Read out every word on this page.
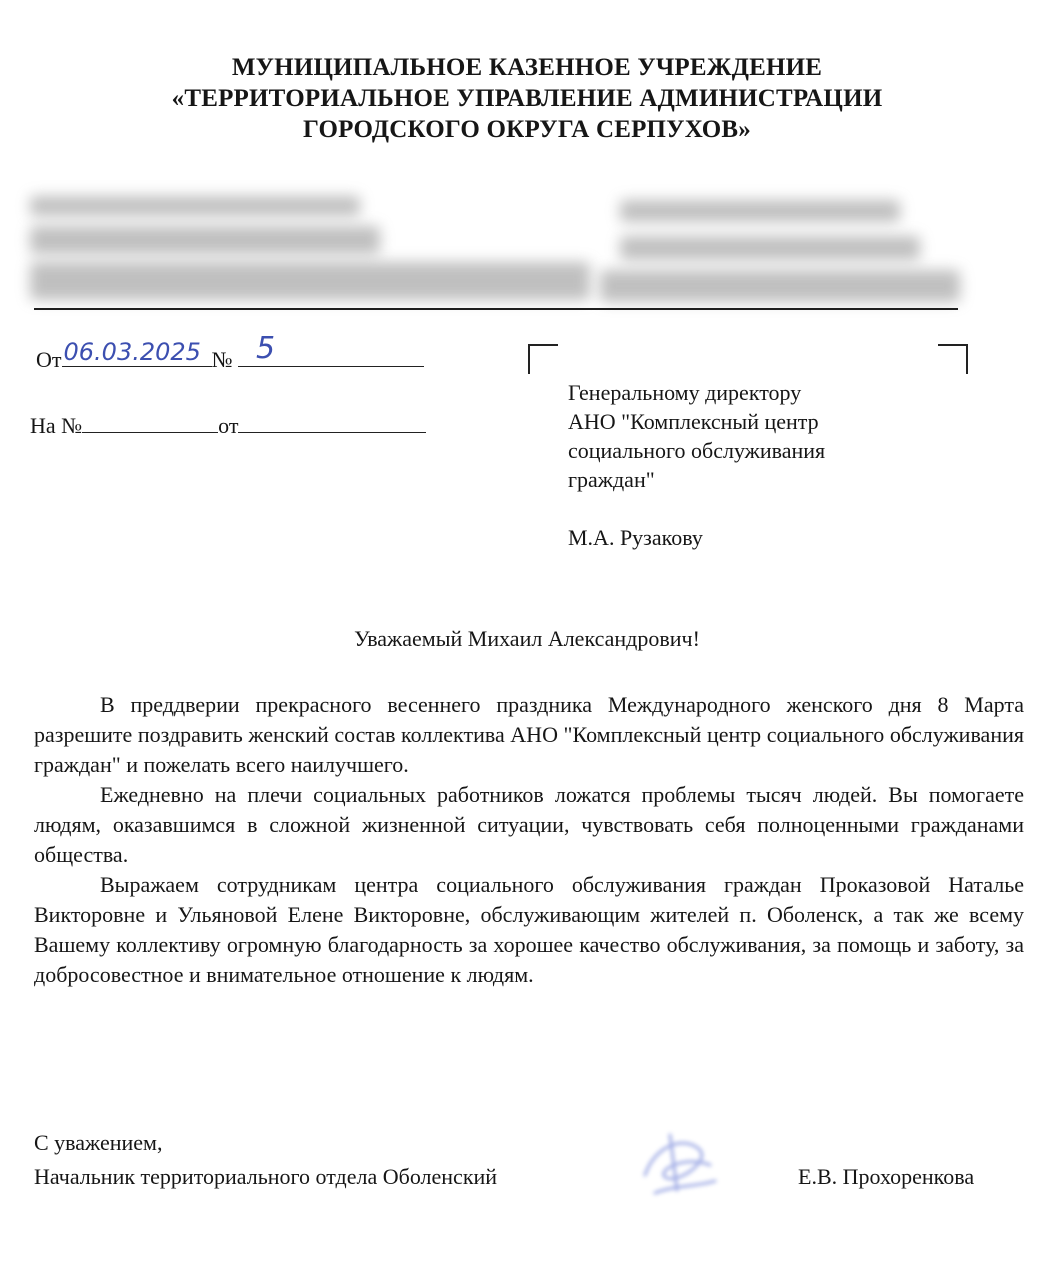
МУНИЦИПАЛЬНОЕ КАЗЕННОЕ УЧРЕЖДЕНИЕ
«ТЕРРИТОРИАЛЬНОЕ УПРАВЛЕНИЕ АДМИНИСТРАЦИИ
ГОРОДСКОГО ОКРУГА СЕРПУХОВ»
От 06.03.2025 № 5
На №	от
Генеральному директору
АНО "Комплексный центр
социального обслуживания
граждан"
М.А. Рузакову
Уважаемый Михаил Александрович!

В преддверии прекрасного весеннего праздника Международного женского дня 8 Марта разрешите поздравить женский состав коллектива АНО "Комплексный центр социального обслуживания граждан" и пожелать всего наилучшего.

Ежедневно на плечи социальных работников ложатся проблемы тысяч людей. Вы помогаете людям, оказавшимся в сложной жизненной ситуации, чувствовать себя полноценными гражданами общества.

Выражаем сотрудникам центра социального обслуживания граждан Проказовой Наталье Викторовне и Ульяновой Елене Викторовне, обслуживающим жителей п. Оболенск, а так же всему Вашему коллективу огромную благодарность за хорошее качество обслуживания, за помощь и заботу, за добросовестное и внимательное отношение к людям.

С уважением,
Начальник территориального отдела Оболенский	Е.В. Прохоренкова
